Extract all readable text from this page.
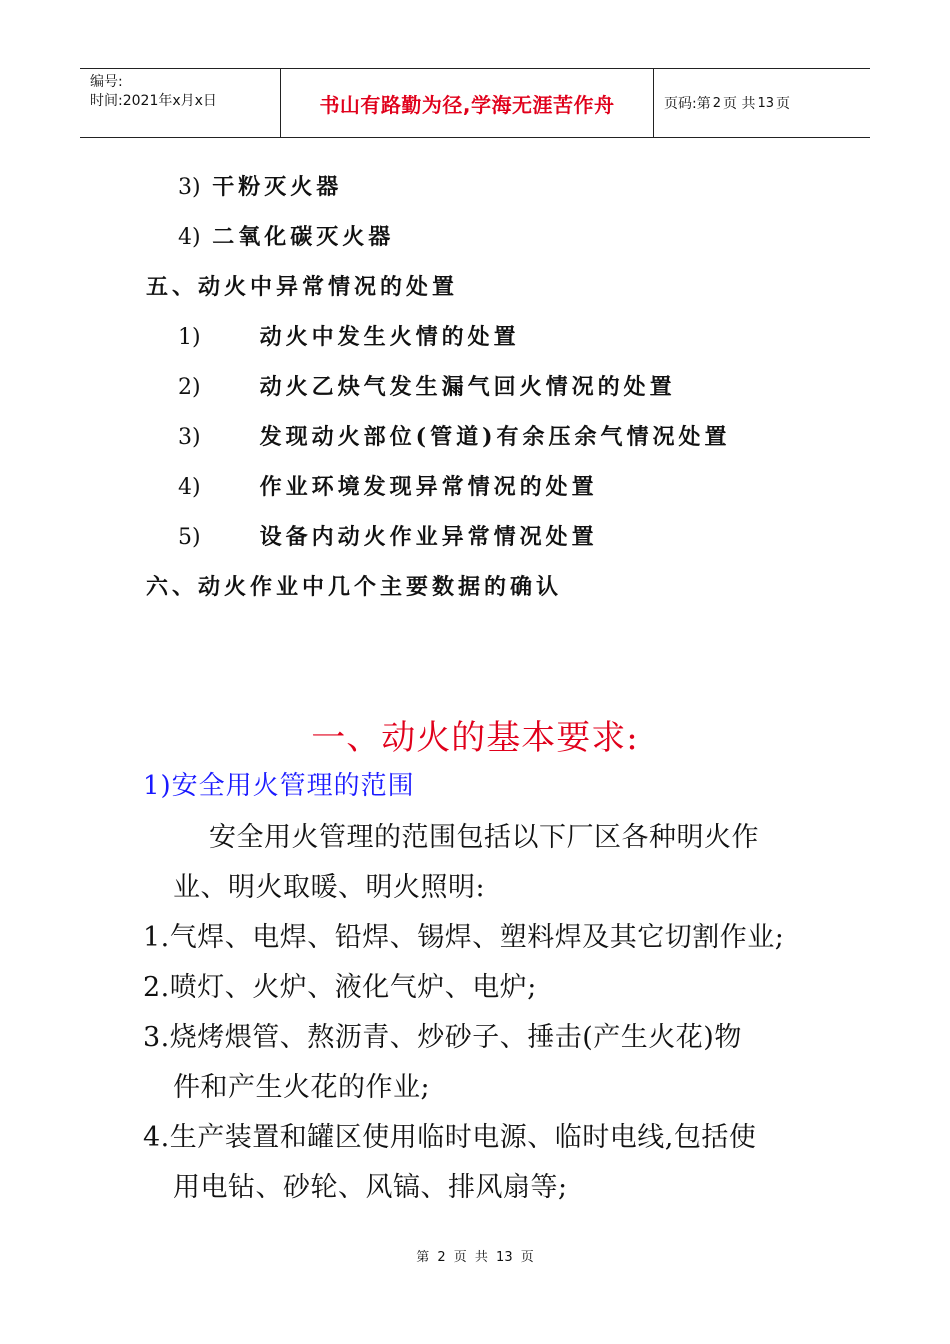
编号:
时间:2021年x月x日	书山有路勤为径,学海无涯苦作舟	页码:第 2 页 共 13 页
3) 干粉灭火器
4) 二氧化碳灭火器
五、动火中异常情况的处置
1)	动火中发生火情的处置
2)	动火乙炔气发生漏气回火情况的处置
3)	发现动火部位(管道)有余压余气情况处置
4)	作业环境发现异常情况的处置
5)	设备内动火作业异常情况处置
六、动火作业中几个主要数据的确认
一、动火的基本要求:
1)安全用火管理的范围
安全用火管理的范围包括以下厂区各种明火作
业、明火取暖、明火照明:
1.气焊、电焊、铅焊、锡焊、塑料焊及其它切割作业;
2.喷灯、火炉、液化气炉、电炉;
3.烧烤煨管、熬沥青、炒砂子、捶击(产生火花)物
件和产生火花的作业;
4.生产装置和罐区使用临时电源、临时电线,包括使
用电钻、砂轮、风镐、排风扇等;
第 2 页 共 13 页
